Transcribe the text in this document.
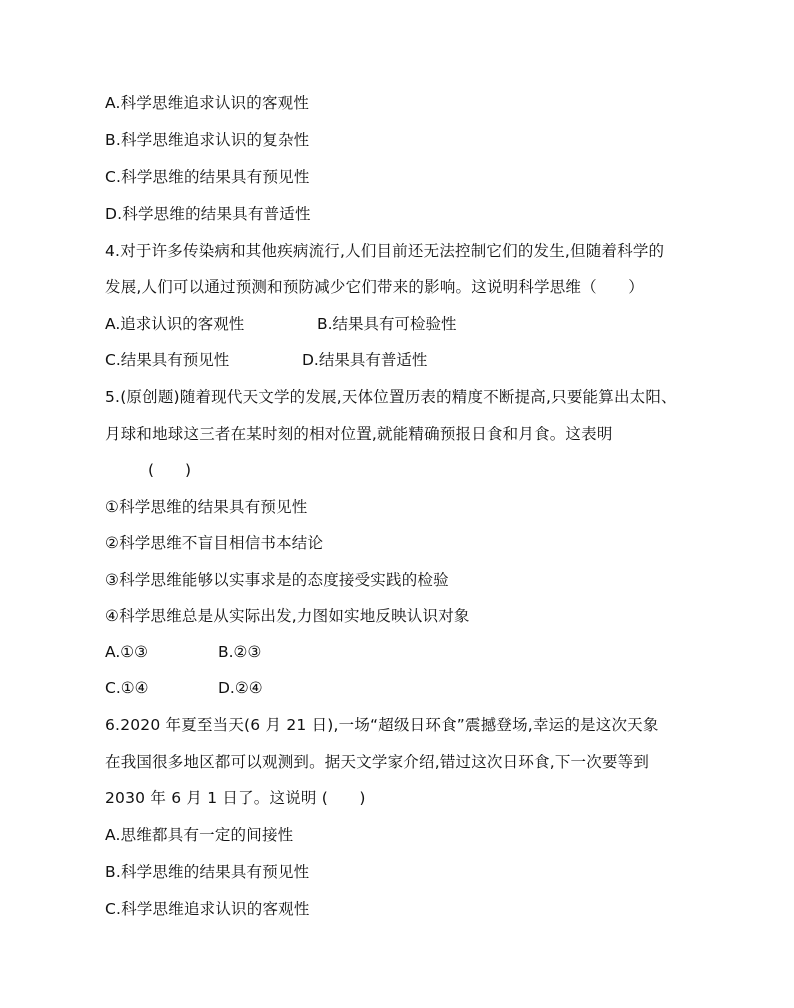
A.科学思维追求认识的客观性
B.科学思维追求认识的复杂性
C.科学思维的结果具有预见性
D.科学思维的结果具有普适性
4.对于许多传染病和其他疾病流行,人们目前还无法控制它们的发生,但随着科学的
发展,人们可以通过预测和预防减少它们带来的影响。这说明科学思维（　　）
A.追求认识的客观性	B.结果具有可检验性
C.结果具有预见性	D.结果具有普适性
5.(原创题)随着现代天文学的发展,天体位置历表的精度不断提高,只要能算出太阳、
月球和地球这三者在某时刻的相对位置,就能精确预报日食和月食。这表明
(　　)
①科学思维的结果具有预见性
②科学思维不盲目相信书本结论
③科学思维能够以实事求是的态度接受实践的检验
④科学思维总是从实际出发,力图如实地反映认识对象
A.①③	B.②③
C.①④	D.②④
6.2020 年夏至当天(6 月 21 日),一场“超级日环食”震撼登场,幸运的是这次天象
在我国很多地区都可以观测到。据天文学家介绍,错过这次日环食,下一次要等到
2030 年 6 月 1 日了。这说明 (　　)
A.思维都具有一定的间接性
B.科学思维的结果具有预见性
C.科学思维追求认识的客观性
